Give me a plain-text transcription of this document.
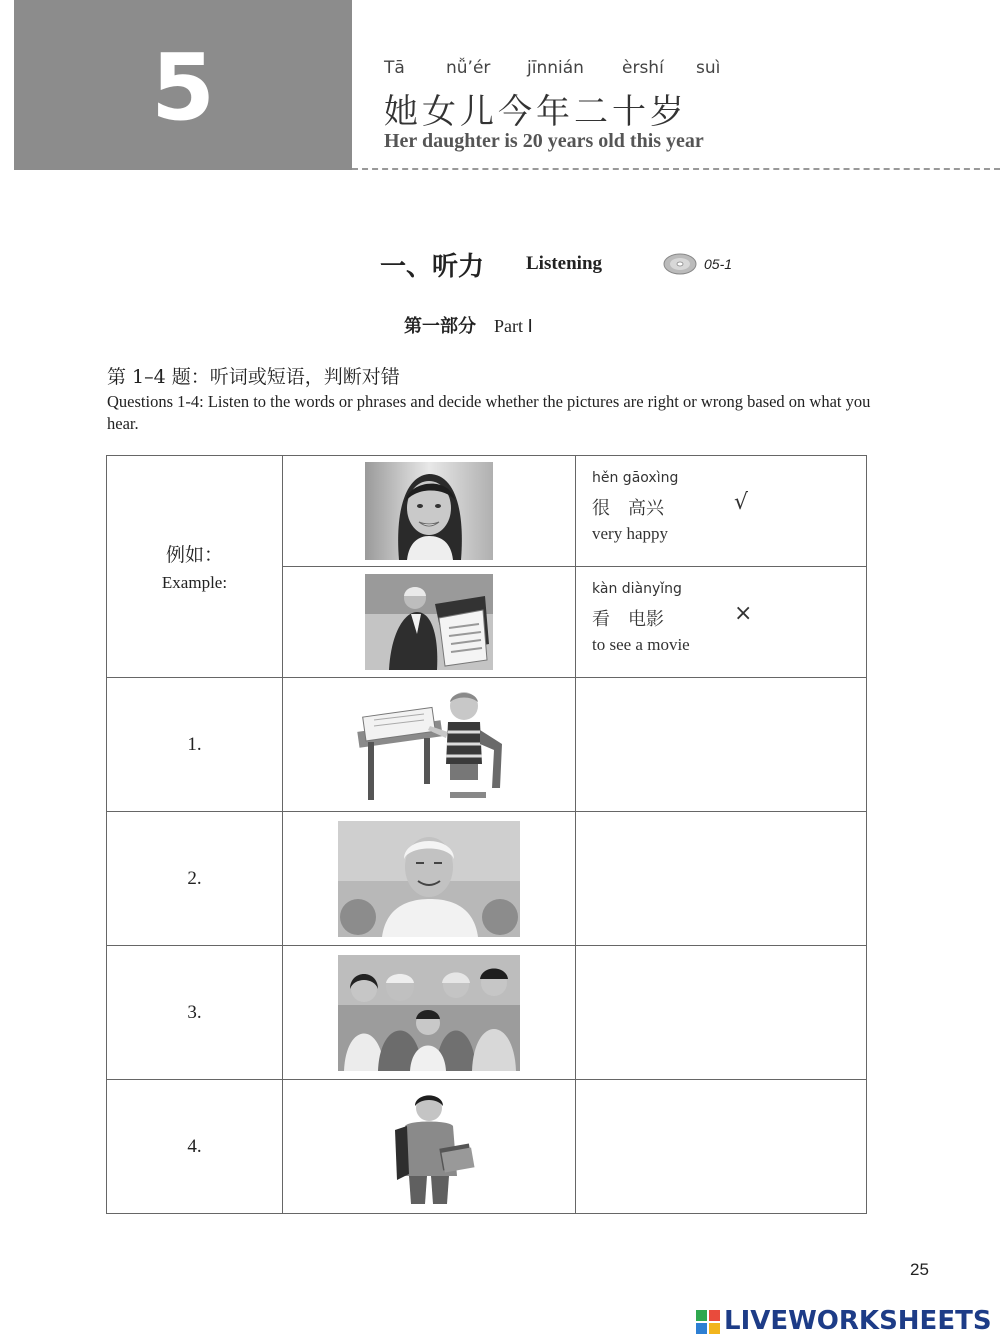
5	Tā nǚ’ér jīnnián èrshí suì
她女儿今年二十岁
Her daughter is 20 years old this year
一、听力 Listening	05-1
第一部分 Part Ⅰ
第 1–4 题：听词或短语，判断对错
Questions 1-4: Listen to the words or phrases and decide whether the pictures are right or wrong based on what you hear.
例如：
Example:		hěn gāoxìng
很　高兴
very happy
√

kàn diànyǐng
看　电影
to see a movie
×

1.		
2.		
3.		
4.		
25
LIVEWORKSHEETS
